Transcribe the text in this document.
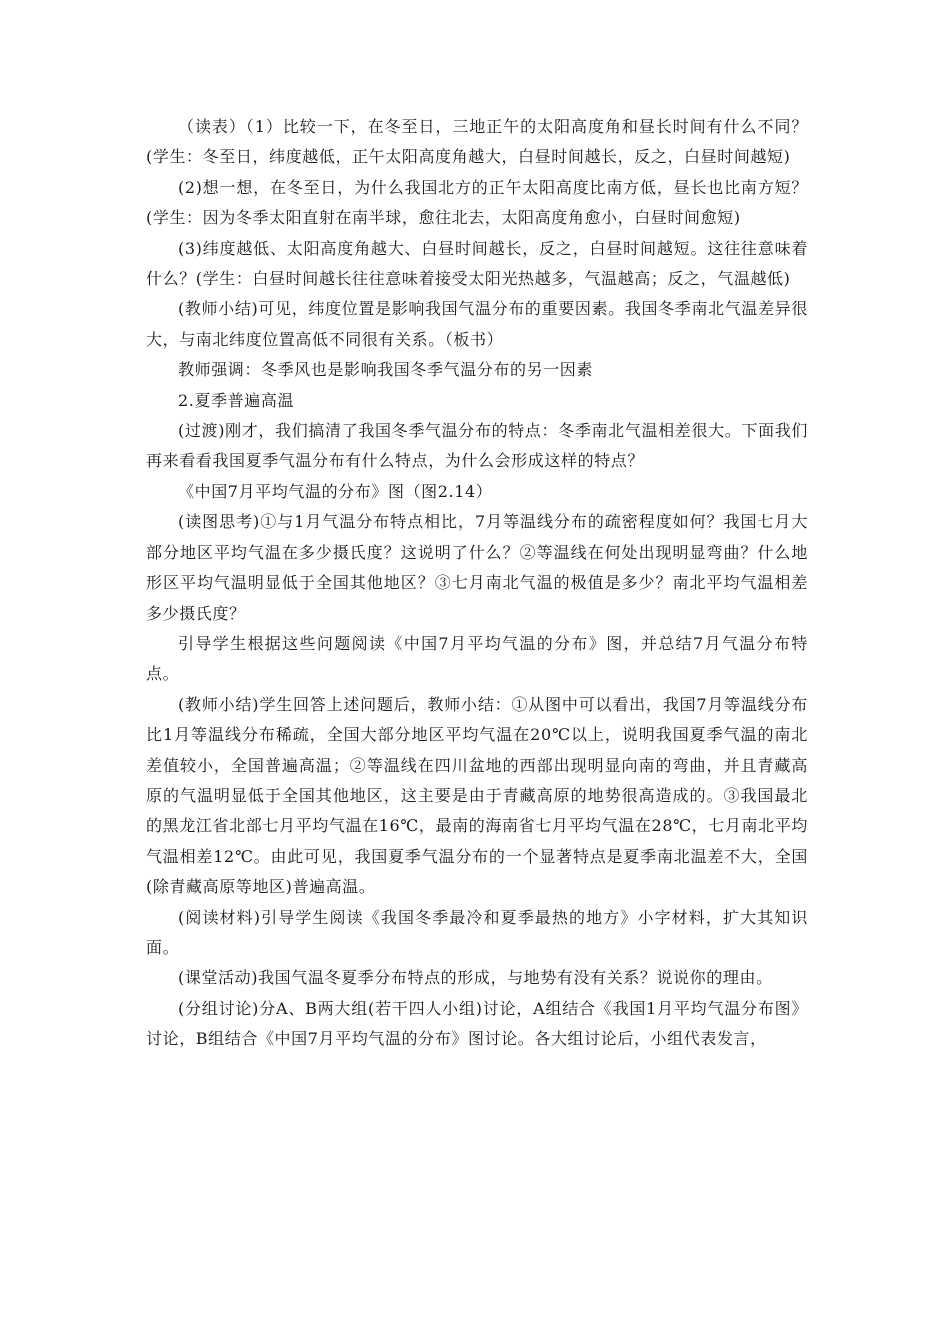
（读表）（1）比较一下，在冬至日，三地正午的太阳高度角和昼长时间有什么不同？(学生：冬至日，纬度越低，正午太阳高度角越大，白昼时间越长，反之，白昼时间越短)

(2)想一想，在冬至日，为什么我国北方的正午太阳高度比南方低，昼长也比南方短？(学生：因为冬季太阳直射在南半球，愈往北去，太阳高度角愈小，白昼时间愈短)

(3)纬度越低、太阳高度角越大、白昼时间越长，反之，白昼时间越短。这往往意味着什么？(学生：白昼时间越长往往意味着接受太阳光热越多，气温越高；反之，气温越低)

(教师小结)可见，纬度位置是影响我国气温分布的重要因素。我国冬季南北气温差异很大，与南北纬度位置高低不同很有关系。（板书）

教师强调：冬季风也是影响我国冬季气温分布的另一因素

2.夏季普遍高温

(过渡)刚才，我们搞清了我国冬季气温分布的特点：冬季南北气温相差很大。下面我们再来看看我国夏季气温分布有什么特点，为什么会形成这样的特点？

《中国7月平均气温的分布》图（图2.14）

(读图思考)①与1月气温分布特点相比，7月等温线分布的疏密程度如何？我国七月大部分地区平均气温在多少摄氏度？这说明了什么？②等温线在何处出现明显弯曲？什么地形区平均气温明显低于全国其他地区？③七月南北气温的极值是多少？南北平均气温相差多少摄氏度？

引导学生根据这些问题阅读《中国7月平均气温的分布》图，并总结7月气温分布特点。

(教师小结)学生回答上述问题后，教师小结：①从图中可以看出，我国7月等温线分布比1月等温线分布稀疏，全国大部分地区平均气温在20℃以上，说明我国夏季气温的南北差值较小，全国普遍高温；②等温线在四川盆地的西部出现明显向南的弯曲，并且青藏高原的气温明显低于全国其他地区，这主要是由于青藏高原的地势很高造成的。③我国最北的黑龙江省北部七月平均气温在16℃，最南的海南省七月平均气温在28℃，七月南北平均气温相差12℃。由此可见，我国夏季气温分布的一个显著特点是夏季南北温差不大，全国(除青藏高原等地区)普遍高温。

(阅读材料)引导学生阅读《我国冬季最冷和夏季最热的地方》小字材料，扩大其知识面。

(课堂活动)我国气温冬夏季分布特点的形成，与地势有没有关系？说说你的理由。

(分组讨论)分A、B两大组(若干四人小组)讨论，A组结合《我国1月平均气温分布图》讨论，B组结合《中国7月平均气温的分布》图讨论。各大组讨论后，小组代表发言，
